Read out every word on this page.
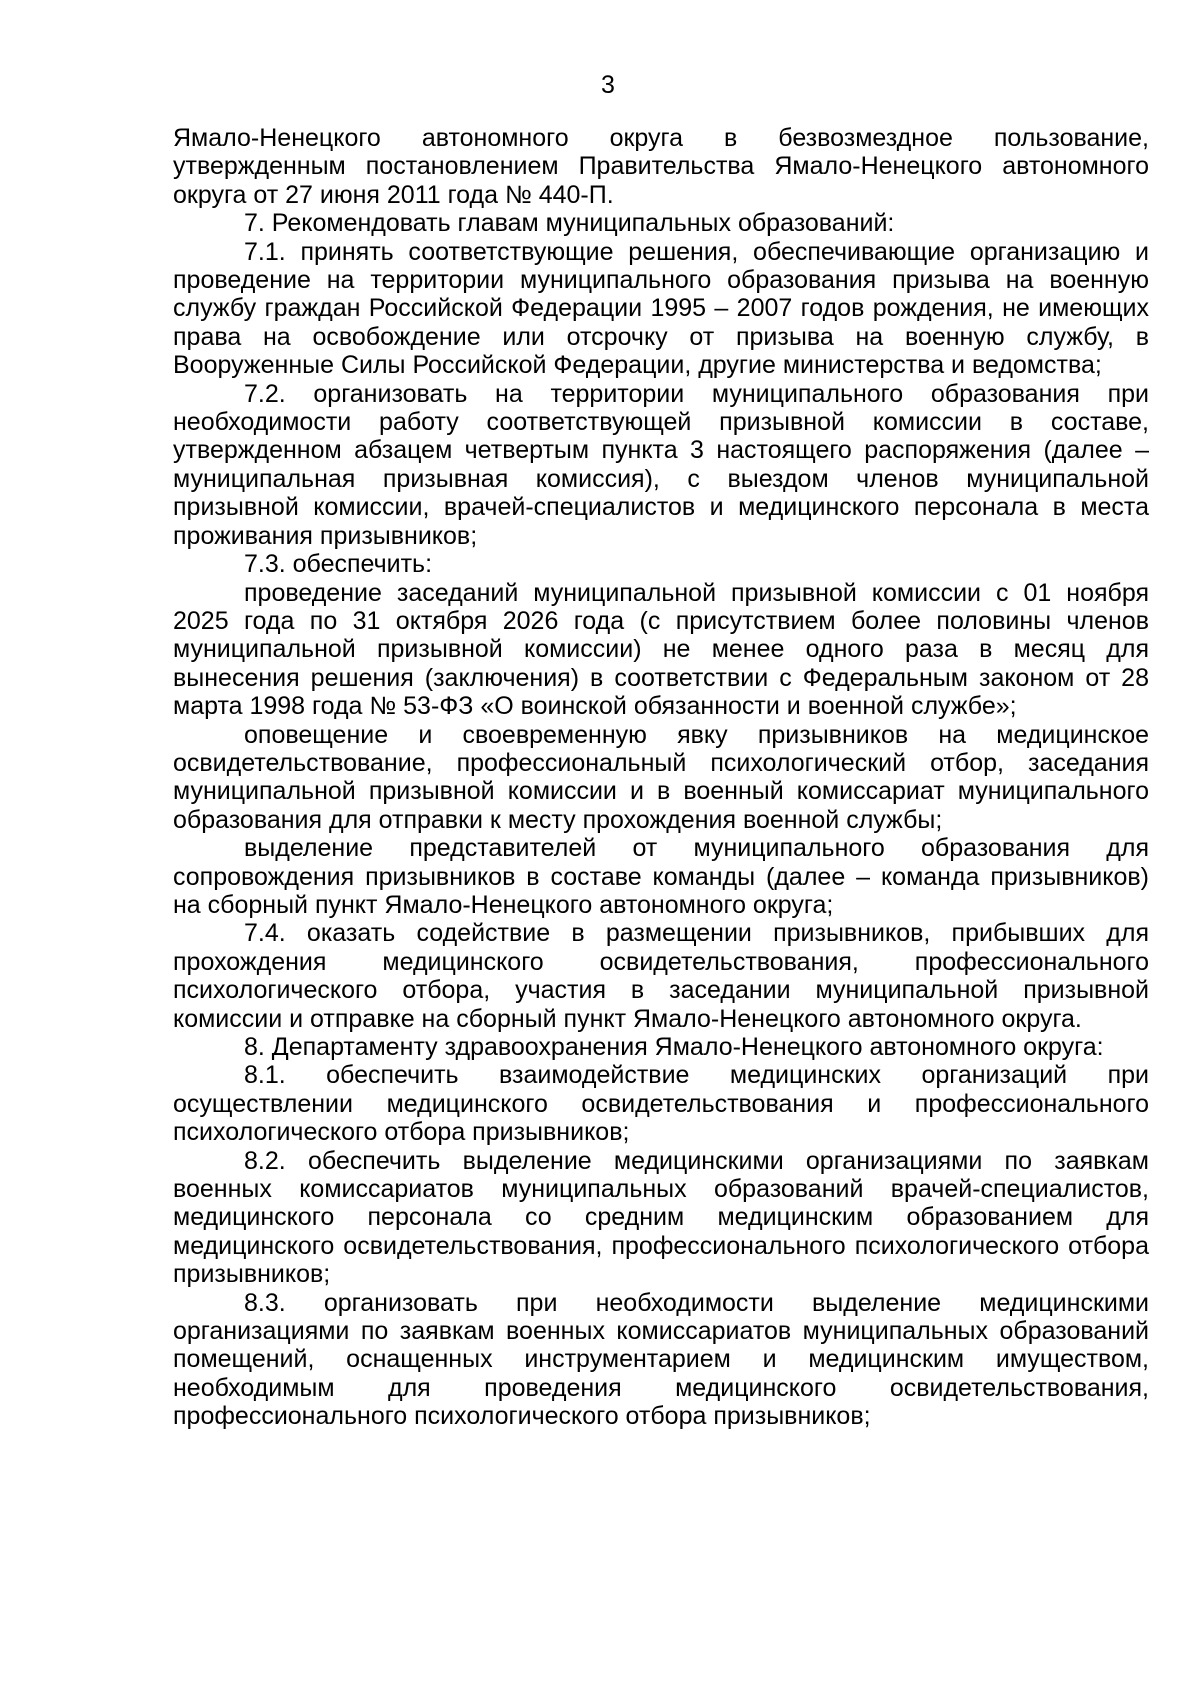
3

Ямало-Ненецкого автономного округа в безвозмездное пользование, утвержденным постановлением Правительства Ямало-Ненецкого автономного округа от 27 июня 2011 года № 440-П.

7. Рекомендовать главам муниципальных образований:

7.1. принять соответствующие решения, обеспечивающие организацию и проведение на территории муниципального образования призыва на военную службу граждан Российской Федерации 1995 – 2007 годов рождения, не имеющих права на освобождение или отсрочку от призыва на военную службу, в Вооруженные Силы Российской Федерации, другие министерства и ведомства;

7.2. организовать на территории муниципального образования при необходимости работу соответствующей призывной комиссии в составе, утвержденном абзацем четвертым пункта 3 настоящего распоряжения (далее – муниципальная призывная комиссия), с выездом членов муниципальной призывной комиссии, врачей-специалистов и медицинского персонала в места проживания призывников;

7.3. обеспечить:

проведение заседаний муниципальной призывной комиссии с 01 ноября 2025 года по 31 октября 2026 года (с присутствием более половины членов муниципальной призывной комиссии) не менее одного раза в месяц для вынесения решения (заключения) в соответствии с Федеральным законом от 28 марта 1998 года № 53-ФЗ «О воинской обязанности и военной службе»;

оповещение и своевременную явку призывников на медицинское освидетельствование, профессиональный психологический отбор, заседания муниципальной призывной комиссии и в военный комиссариат муниципального образования для отправки к месту прохождения военной службы;

выделение представителей от муниципального образования для сопровождения призывников в составе команды (далее – команда призывников) на сборный пункт Ямало-Ненецкого автономного округа;

7.4. оказать содействие в размещении призывников, прибывших для прохождения медицинского освидетельствования, профессионального психологического отбора, участия в заседании муниципальной призывной комиссии и отправке на сборный пункт Ямало-Ненецкого автономного округа.

8. Департаменту здравоохранения Ямало-Ненецкого автономного округа:

8.1. обеспечить взаимодействие медицинских организаций при осуществлении медицинского освидетельствования и профессионального психологического отбора призывников;

8.2. обеспечить выделение медицинскими организациями по заявкам военных комиссариатов муниципальных образований врачей-специалистов, медицинского персонала со средним медицинским образованием для медицинского освидетельствования, профессионального психологического отбора призывников;

8.3. организовать при необходимости выделение медицинскими организациями по заявкам военных комиссариатов муниципальных образований помещений, оснащенных инструментарием и медицинским имуществом, необходимым для проведения медицинского освидетельствования, профессионального психологического отбора призывников;
